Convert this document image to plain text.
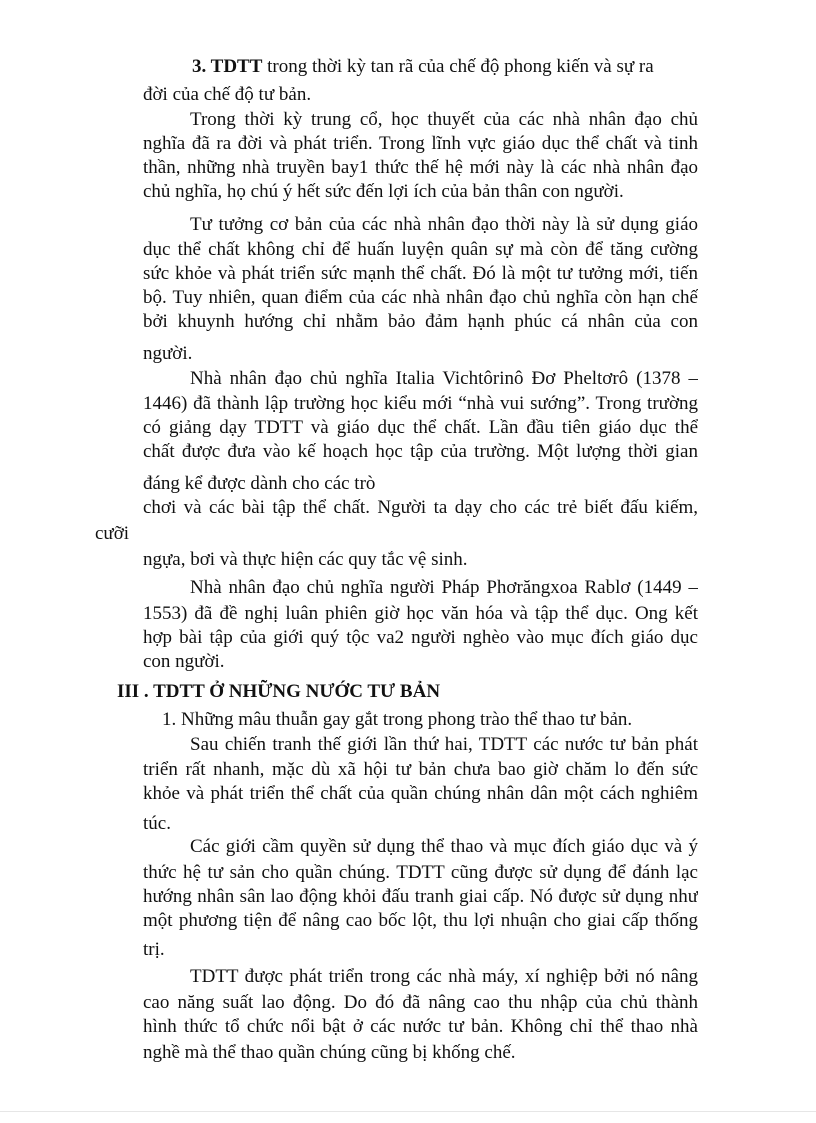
3. TDTT trong thời kỳ tan rã của chế độ phong kiến và sự ra
đời của chế độ tư bản.
Trong thời kỳ trung cổ, học thuyết của các nhà nhân đạo chủ
nghĩa đã ra đời và phát triển. Trong lĩnh vực giáo dục thể chất và tinh
thần, những nhà truyền bay1 thức thế hệ mới này là các nhà nhân đạo
chủ nghĩa, họ chú ý hết sức đến lợi ích của bản thân con người.
Tư tưởng cơ bản của các nhà nhân đạo thời này là sử dụng giáo
dục thể chất không chỉ để huấn luyện quân sự mà còn để tăng cường
sức khỏe và phát triển sức mạnh thể chất. Đó là một tư tưởng mới, tiến
bộ. Tuy nhiên, quan điểm của các nhà nhân đạo chủ nghĩa còn hạn chế
bởi khuynh hướng chỉ nhằm bảo đảm hạnh phúc cá nhân của con
người.
Nhà nhân đạo chủ nghĩa Italia Vichtôrinô Đơ Pheltơrô (1378 –
1446) đã thành lập trường học kiểu mới “nhà vui sướng”. Trong trường
có giảng dạy TDTT và giáo dục thể chất. Lần đầu tiên giáo dục thể
chất được đưa vào kế hoạch học tập của trường. Một lượng thời gian
đáng kể được dành cho các trò
chơi và các bài tập thể chất. Người ta dạy cho các trẻ biết đấu kiếm,
cưỡi
ngựa, bơi và thực hiện các quy tắc vệ sinh.
Nhà nhân đạo chủ nghĩa người Pháp Phơrăngxoa Rablơ (1449 –
1553) đã đề nghị luân phiên giờ học văn hóa và tập thể dục. Ong kết
hợp bài tập của giới quý tộc va2 người nghèo vào mục đích giáo dục
con người.
III . TDTT Ở NHỮNG NƯỚC TƯ BẢN
1. Những mâu thuẫn gay gắt trong phong trào thể thao tư bản.
Sau chiến tranh thế giới lần thứ hai, TDTT các nước tư bản phát
triển rất nhanh, mặc dù xã hội tư bản chưa bao giờ chăm lo đến sức
khỏe và phát triển thể chất của quần chúng nhân dân một cách nghiêm
túc.
Các giới cầm quyền sử dụng thể thao và mục đích giáo dục và ý
thức hệ tư sản cho quần chúng. TDTT cũng được sử dụng để đánh lạc
hướng nhân sân lao động khỏi đấu tranh giai cấp. Nó được sử dụng như
một phương tiện để nâng cao bốc lột, thu lợi nhuận cho giai cấp thống
trị.
TDTT được phát triển trong các nhà máy, xí nghiệp bởi nó nâng
cao năng suất lao động. Do đó đã nâng cao thu nhập của chủ thành
hình thức tổ chức nổi bật ở các nước tư bản. Không chỉ thể thao nhà
nghề mà thể thao quần chúng cũng bị khống chế.
